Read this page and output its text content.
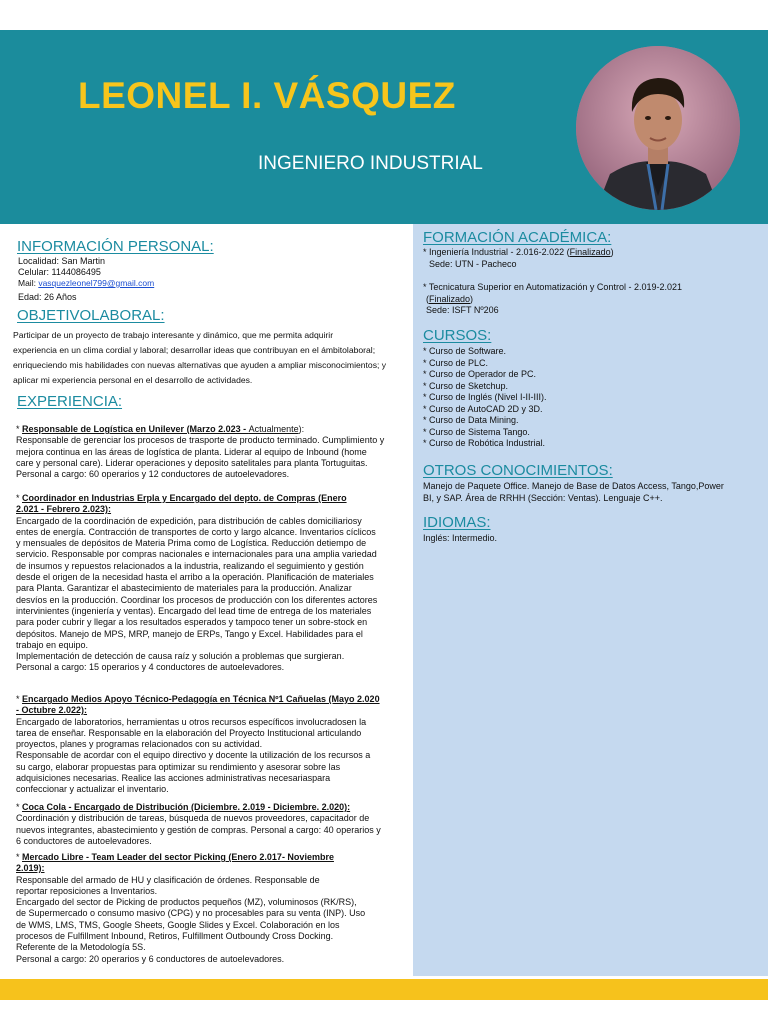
LEONEL I. VÁSQUEZ
INGENIERO INDUSTRIAL
INFORMACIÓN PERSONAL:
Localidad: San Martin
Celular: 1144086495
Mail: vasquezleonel799@gmail.com
Edad: 26 Años
OBJETIVOLABORAL:
Participar de un proyecto de trabajo interesante y dinámico, que me permita adquirir
experiencia en un clima cordial y laboral; desarrollar ideas que contribuyan en el ámbitolaboral;
enriqueciendo mis habilidades con nuevas alternativas que ayuden a ampliar misconocimientos; y
aplicar mi experiencia personal en el desarrollo de actividades.
EXPERIENCIA:
* Responsable de Logística en Unilever (Marzo 2.023 - Actualmente):
Responsable de gerenciar los procesos de trasporte de producto terminado. Cumplimiento y
mejora continua en las áreas de logística de planta. Liderar al equipo de Inbound (home
care y personal care). Liderar operaciones y deposito satelitales para planta Tortuguitas.
Personal a cargo: 60 operarios y 12 conductores de autoelevadores.
* Coordinador en Industrias Erpla y Encargado del depto. de Compras (Enero
2.021 - Febrero 2.023):
Encargado de la coordinación de expedición, para distribución de cables domiciliariosy
entes de energía. Contracción de transportes de corto y largo alcance. Inventarios cíclicos
y mensuales de depósitos de Materia Prima como de Logística. Reducción detiempo de
servicio. Responsable por compras nacionales e internacionales para una amplia variedad
de insumos y repuestos relacionados a la industria, realizando el seguimiento y gestión
desde el origen de la necesidad hasta el arribo a la operación. Planificación de materiales
para Planta. Garantizar el abastecimiento de materiales para la producción. Analizar
desvíos en la producción. Coordinar los procesos de producción con los diferentes actores
intervinientes (ingeniería y ventas). Encargado del lead time de entrega de los materiales
para poder cubrir y llegar a los resultados esperados y tampoco tener un sobre-stock en
depósitos. Manejo de MPS, MRP, manejo de ERPs, Tango y Excel. Habilidades para el
trabajo en equipo.
Implementación de detección de causa raíz y solución a problemas que surgieran.
Personal a cargo: 15 operarios y 4 conductores de autoelevadores.
* Encargado Medios Apoyo Técnico-Pedagogía en Técnica Nº1 Cañuelas (Mayo 2.020
- Octubre 2.022):
Encargado de laboratorios, herramientas u otros recursos específicos involucradosen la
tarea de enseñar. Responsable en la elaboración del Proyecto Institucional articulando
proyectos, planes y programas relacionados con su actividad.
Responsable de acordar con el equipo directivo y docente la utilización de los recursos a
su cargo, elaborar propuestas para optimizar su rendimiento y asesorar sobre las
adquisiciones necesarias. Realice las acciones administrativas necesariaspara
confeccionar y actualizar el inventario.
* Coca Cola - Encargado de Distribución (Diciembre. 2.019 - Diciembre. 2.020):
Coordinación y distribución de tareas, búsqueda de nuevos proveedores, capacitador de
nuevos integrantes, abastecimiento y gestión de compras. Personal a cargo: 40 operarios y
6 conductores de autoelevadores.
* Mercado Libre - Team Leader del sector Picking (Enero 2.017- Noviembre
2.019):
Responsable del armado de HU y clasificación de órdenes. Responsable de
reportar reposiciones a Inventarios.
Encargado del sector de Picking de productos pequeños (MZ), voluminosos (RK/RS),
de Supermercado o consumo masivo (CPG) y no procesables para su venta (INP). Uso
de WMS, LMS, TMS, Google Sheets, Google Slides y Excel. Colaboración en los
procesos de Fulfillment Inbound, Retiros, Fulfillment Outboundy Cross Docking.
Referente de la Metodología 5S.
Personal a cargo: 20 operarios y 6 conductores de autoelevadores.
FORMACIÓN ACADÉMICA:
* Ingeniería Industrial - 2.016-2.022 (Finalizado)
Sede: UTN - Pacheco
* Tecnicatura Superior en Automatización y Control - 2.019-2.021
(Finalizado)
Sede: ISFT Nº206
CURSOS:
* Curso de Software.
* Curso de PLC.
* Curso de Operador de PC.
* Curso de Sketchup.
* Curso de Inglés (Nivel I-II-III).
* Curso de AutoCAD 2D y 3D.
* Curso de Data Mining.
* Curso de Sistema Tango.
* Curso de Robótica Industrial.
OTROS CONOCIMIENTOS:
Manejo de Paquete Office. Manejo de Base de Datos Access, Tango,Power
BI, y SAP. Área de RRHH (Sección: Ventas). Lenguaje C++.
IDIOMAS:
Inglés: Intermedio.
